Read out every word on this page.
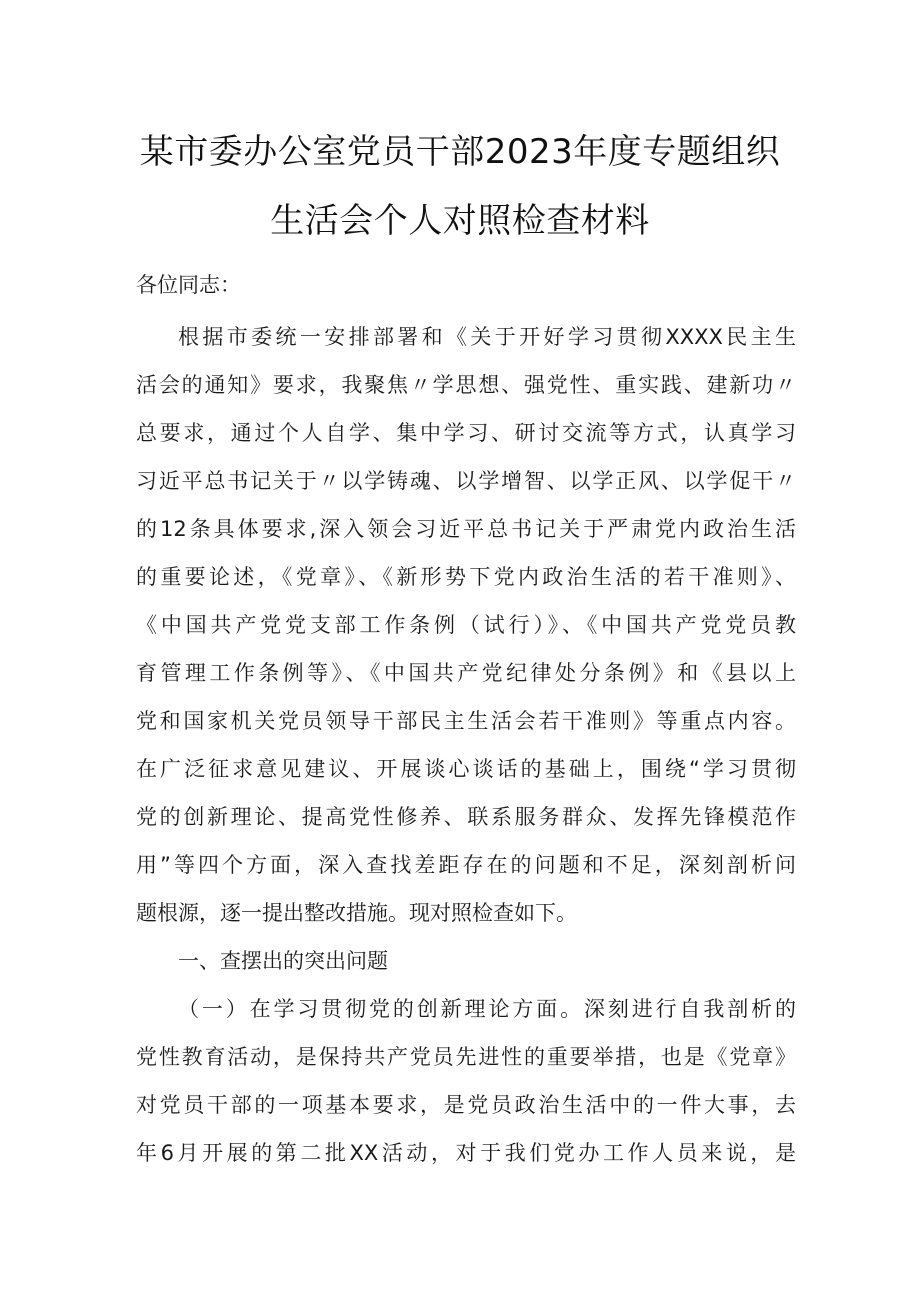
某市委办公室党员干部2023年度专题组织
生活会个人对照检查材料

各位同志：

根据市委统一安排部署和《关于开好学习贯彻XXXX民主生

活会的通知》要求，我聚焦〃学思想、强党性、重实践、建新功〃

总要求，通过个人自学、集中学习、研讨交流等方式，认真学习

习近平总书记关于〃以学铸魂、以学增智、以学正风、以学促干〃

的12条具体要求,深入领会习近平总书记关于严肃党内政治生活

的重要论述，《党章》、《新形势下党内政治生活的若干准则》、

《中国共产党党支部工作条例（试行）》、《中国共产党党员教

育管理工作条例等》、《中国共产党纪律处分条例》和《县以上

党和国家机关党员领导干部民主生活会若干准则》等重点内容。

在广泛征求意见建议、开展谈心谈话的基础上，围绕“学习贯彻

党的创新理论、提高党性修养、联系服务群众、发挥先锋模范作

用”等四个方面，深入查找差距存在的问题和不足，深刻剖析问

题根源，逐一提出整改措施。现对照检查如下。

一、查摆出的突出问题

（一）在学习贯彻党的创新理论方面。深刻进行自我剖析的

党性教育活动，是保持共产党员先进性的重要举措，也是《党章》

对党员干部的一项基本要求，是党员政治生活中的一件大事，去

年6月开展的第二批XX活动，对于我们党办工作人员来说，是
